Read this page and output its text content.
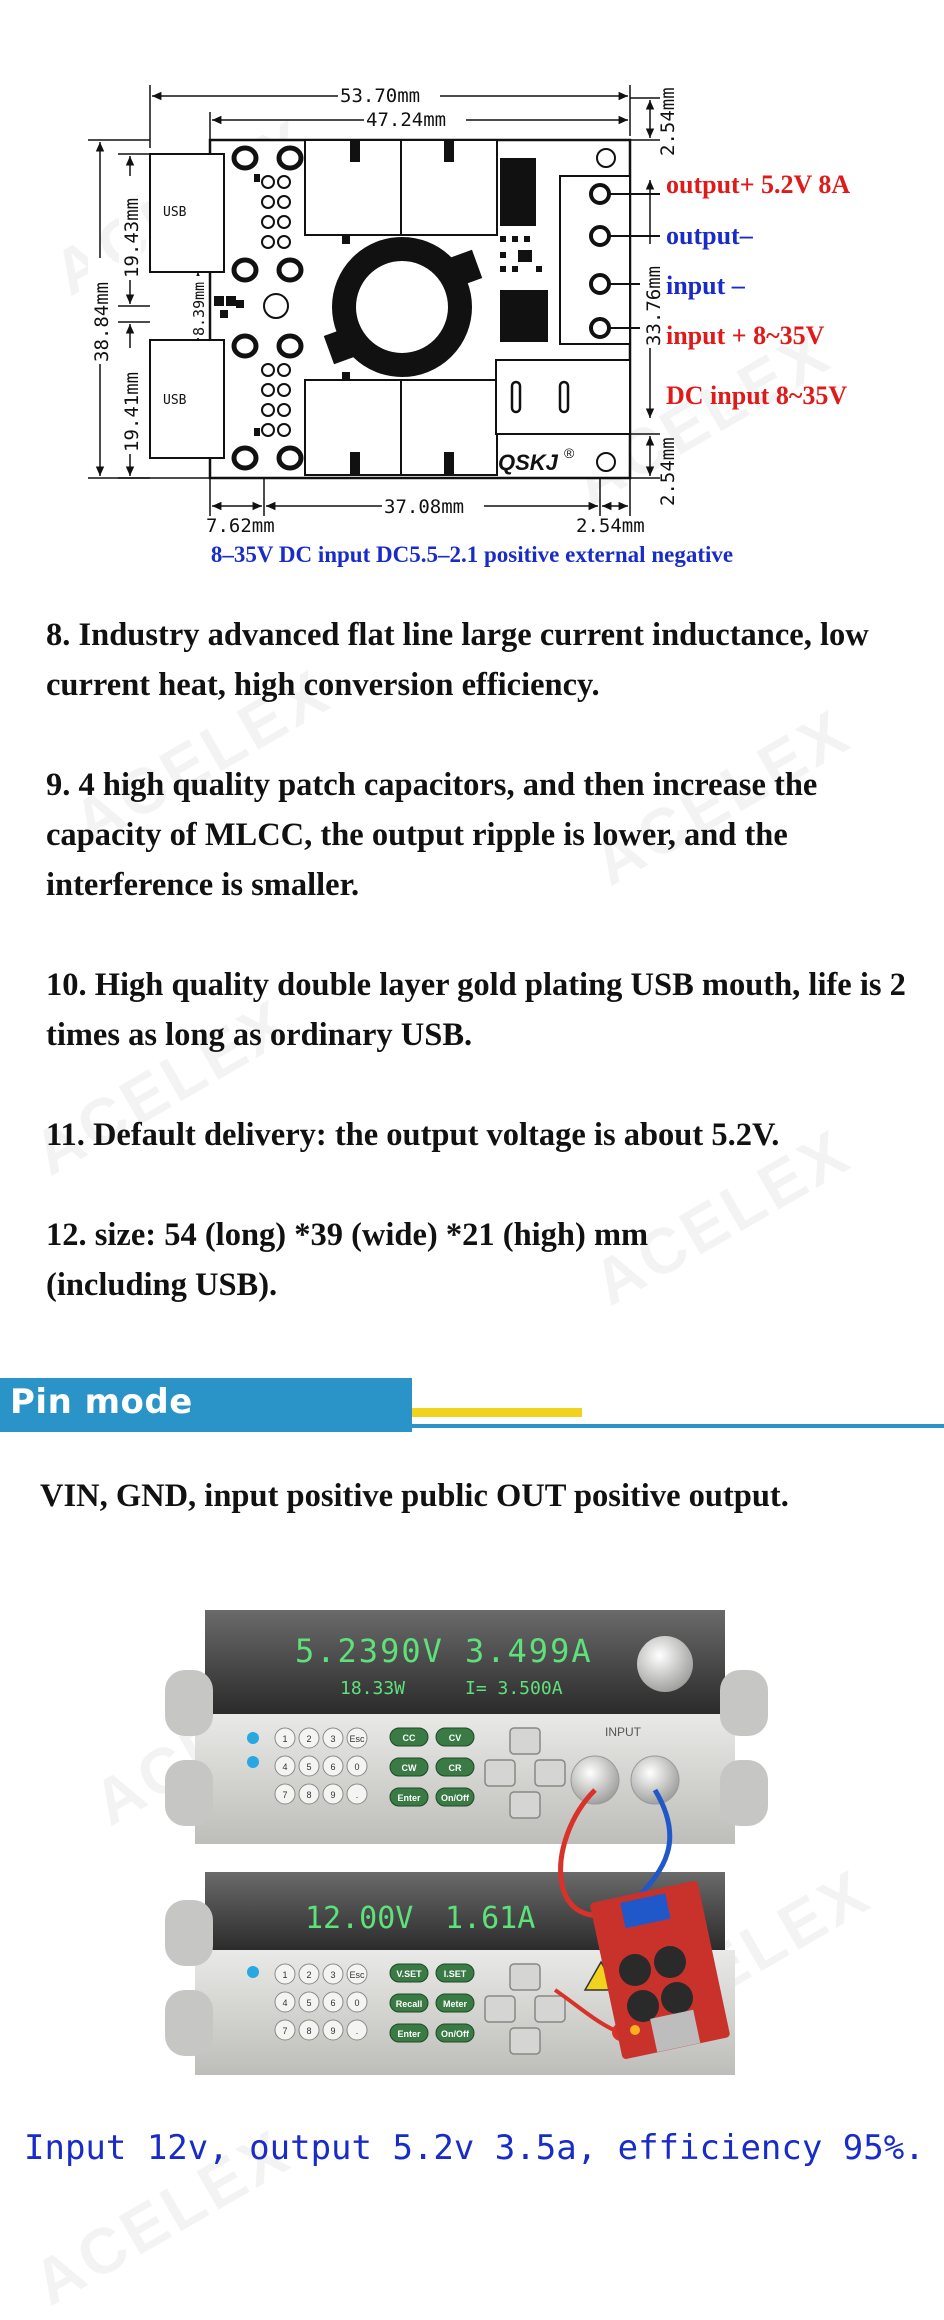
USB
USB
QSKJ ®
53.70mm
47.24mm	2.54mm
33.76mm
2.54mm
38.84mm
19.43mm
19.41mm
8.39mm
7.62mm
37.08mm
2.54mm
output+ 5.2V 8A
output–
input –
input + 8~35V
DC input 8~35V
8–35V DC input DC5.5–2.1 positive external negative
8. Industry advanced flat line large current inductance, low current heat, high conversion efficiency.
9. 4 high quality patch capacitors, and then increase the capacity of MLCC, the output ripple is lower, and the interference is smaller.
10. High quality double layer gold plating USB mouth, life is 2 times as long as ordinary USB.
11. Default delivery: the output voltage is about 5.2V.
12. size: 54 (long) *39 (wide) *21 (high) mm (including USB).
Pin mode
VIN, GND, input positive public OUT positive output.
5.2390V 3.499A
18.33W	I= 3.500A
1 2 3 Esc
4 5 6 0
7 8 9 .
CC	CV
CW	CR
Enter On/Off
INPUT
12.00V 1.61A
1 2 3 Esc
4 5 6 0
7 8 9 .
V.SET I.SET
Recall Meter
Enter On/Off
Input 12v, output 5.2v 3.5a, efficiency 95%.
